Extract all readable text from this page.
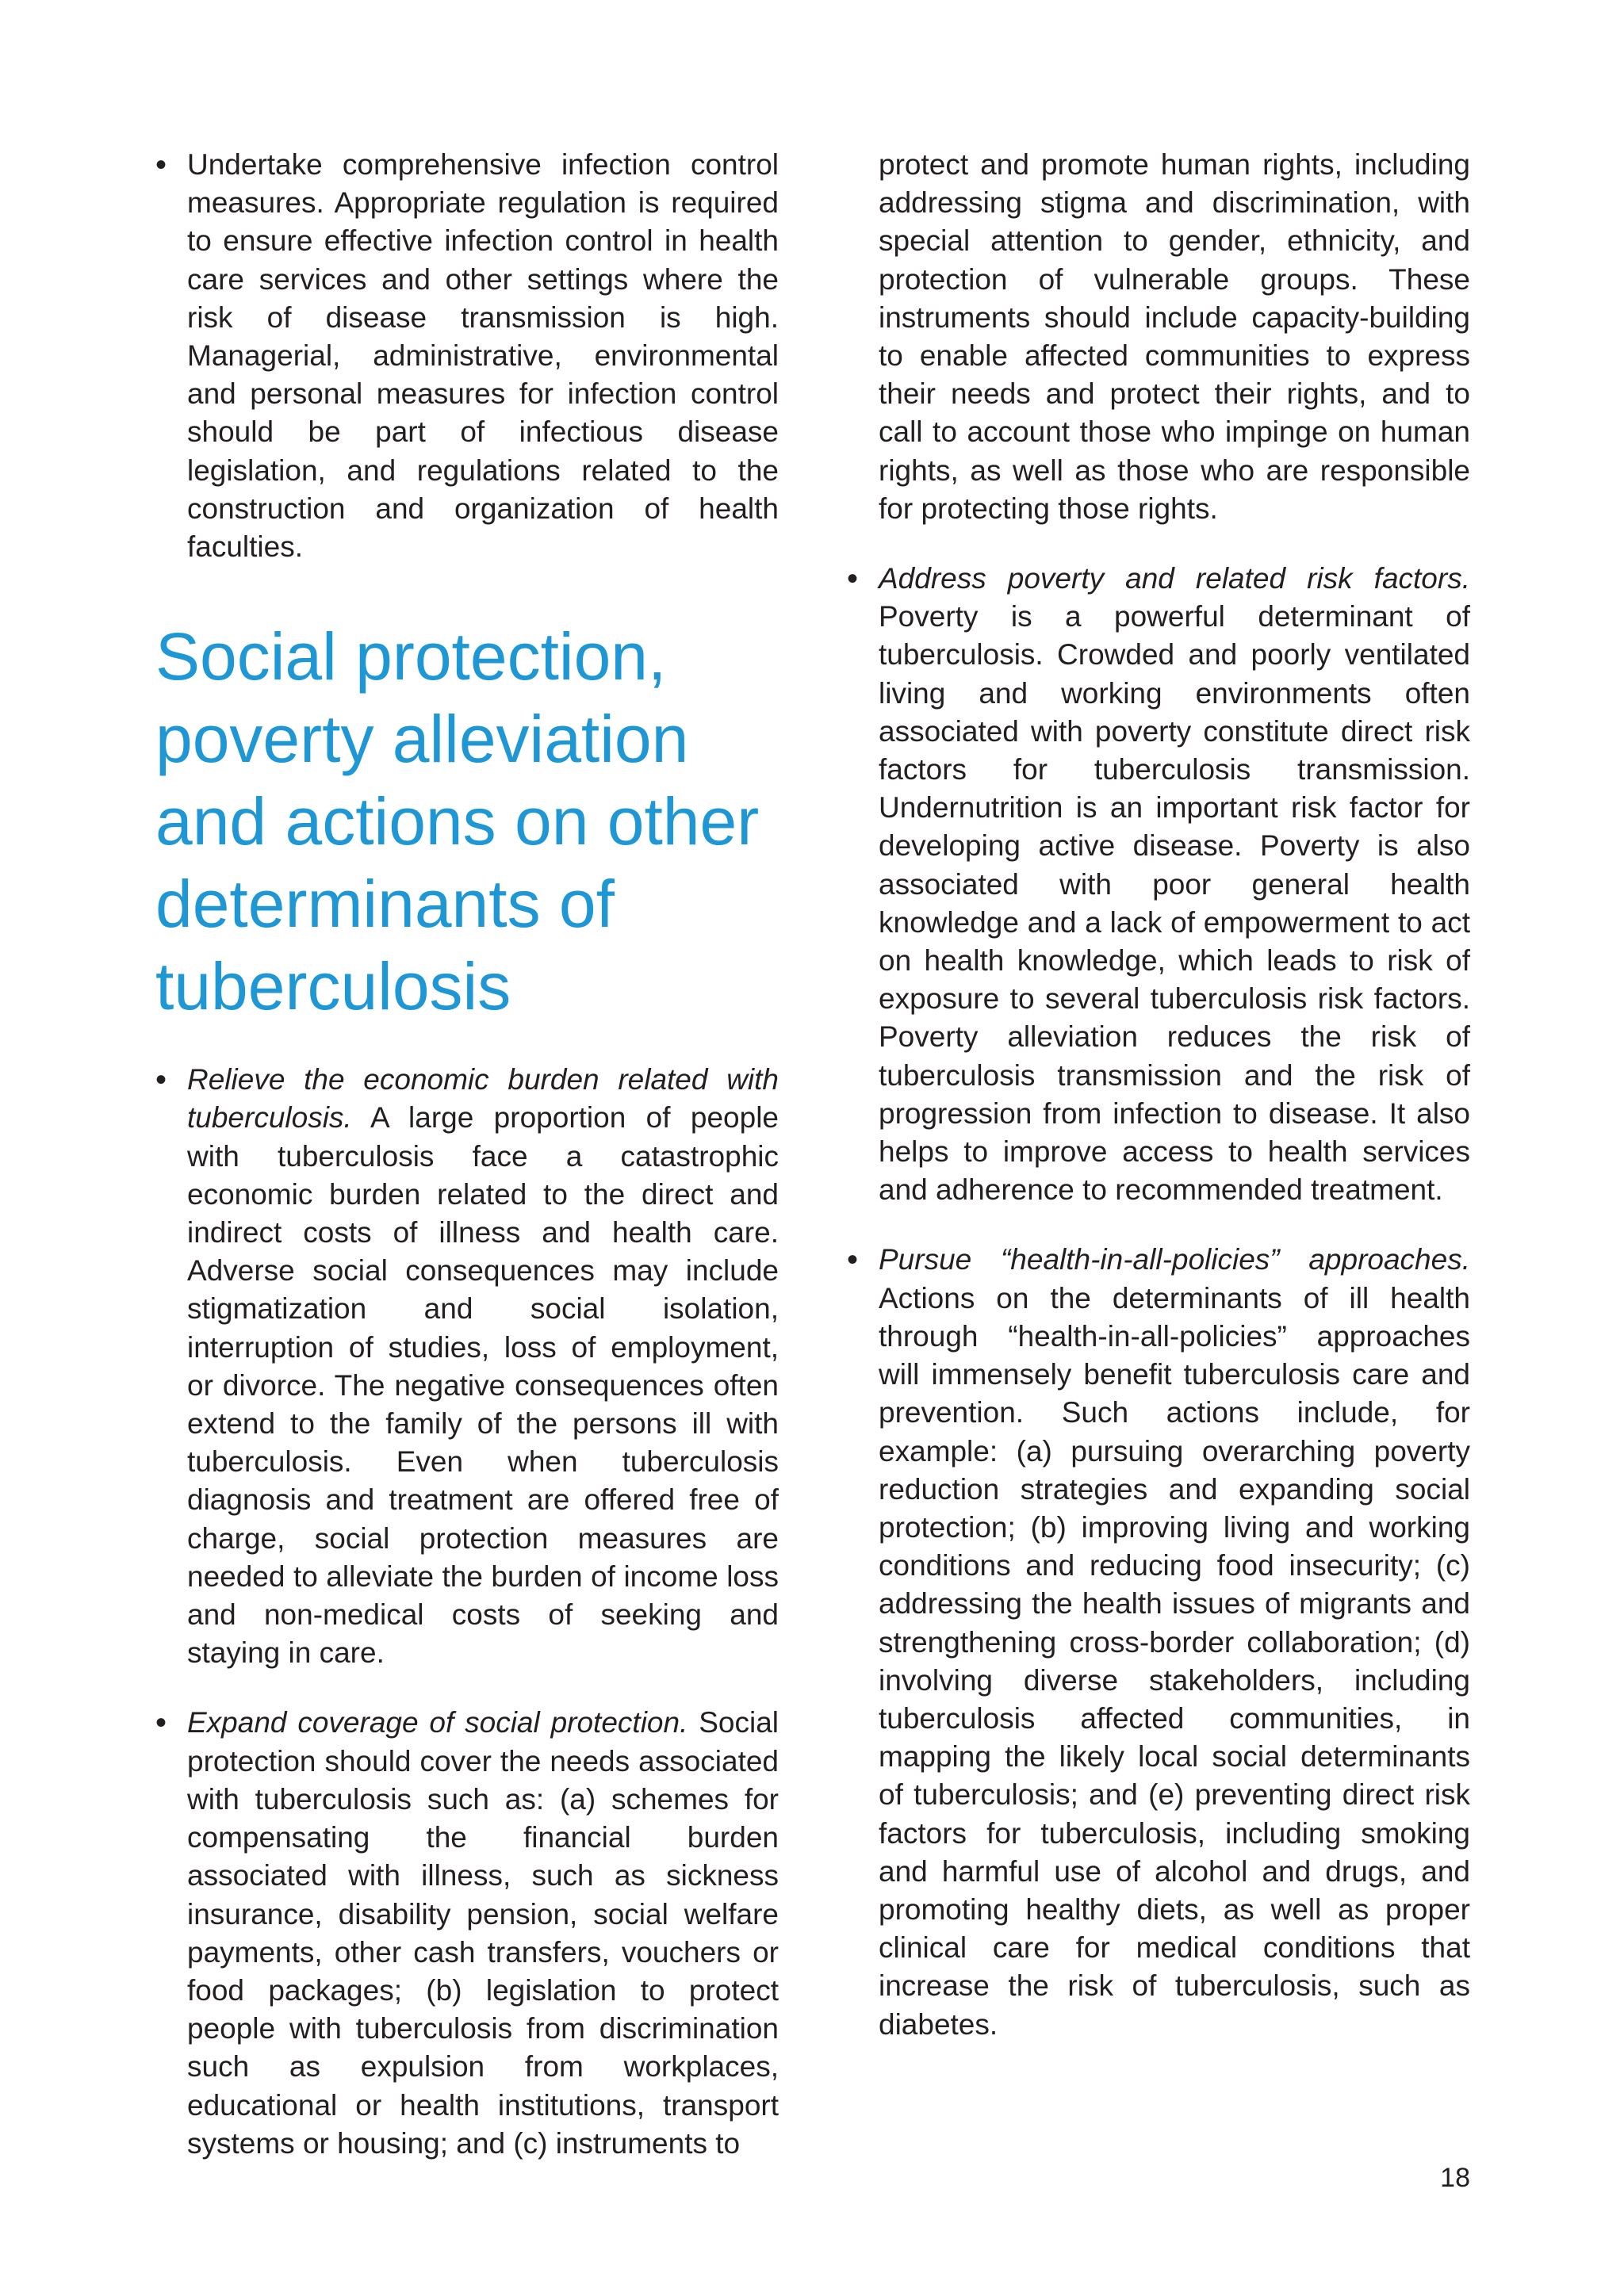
• Undertake comprehensive infection control measures. Appropriate regulation is required to ensure effective infection control in health care services and other settings where the risk of disease transmission is high. Managerial, administrative, environmental and personal measures for infection control should be part of infectious disease legislation, and regulations related to the construction and organization of health faculties.
Social protection, poverty alleviation and actions on other determinants of tuberculosis
• Relieve the economic burden related with tuberculosis. A large proportion of people with tuberculosis face a catastrophic economic burden related to the direct and indirect costs of illness and health care. Adverse social consequences may include stigmatization and social isolation, interruption of studies, loss of employment, or divorce. The negative consequences often extend to the family of the persons ill with tuberculosis. Even when tuberculosis diagnosis and treatment are offered free of charge, social protection measures are needed to alleviate the burden of income loss and non-medical costs of seeking and staying in care.
• Expand coverage of social protection. Social protection should cover the needs associated with tuberculosis such as: (a) schemes for compensating the financial burden associated with illness, such as sickness insurance, disability pension, social welfare payments, other cash transfers, vouchers or food packages; (b) legislation to protect people with tuberculosis from discrimination such as expulsion from workplaces, educational or health institutions, transport systems or housing; and (c) instruments to

protect and promote human rights, including addressing stigma and discrimination, with special attention to gender, ethnicity, and protection of vulnerable groups. These instruments should include capacity-building to enable affected communities to express their needs and protect their rights, and to call to account those who impinge on human rights, as well as those who are responsible for protecting those rights.

• Address poverty and related risk factors. Poverty is a powerful determinant of tuberculosis. Crowded and poorly ventilated living and working environments often associated with poverty constitute direct risk factors for tuberculosis transmission. Undernutrition is an important risk factor for developing active disease. Poverty is also associated with poor general health knowledge and a lack of empowerment to act on health knowledge, which leads to risk of exposure to several tuberculosis risk factors. Poverty alleviation reduces the risk of tuberculosis transmission and the risk of progression from infection to disease. It also helps to improve access to health services and adherence to recommended treatment.
• Pursue “health-in-all-policies” approaches. Actions on the determinants of ill health through “health-in-all-policies” approaches will immensely benefit tuberculosis care and prevention. Such actions include, for example: (a) pursuing overarching poverty reduction strategies and expanding social protection; (b) improving living and working conditions and reducing food insecurity; (c) addressing the health issues of migrants and strengthening cross-border collaboration; (d) involving diverse stakeholders, including tuberculosis affected communities, in mapping the likely local social determinants of tuberculosis; and (e) preventing direct risk factors for tuberculosis, including smoking and harmful use of alcohol and drugs, and promoting healthy diets, as well as proper clinical care for medical conditions that increase the risk of tuberculosis, such as diabetes.
18
